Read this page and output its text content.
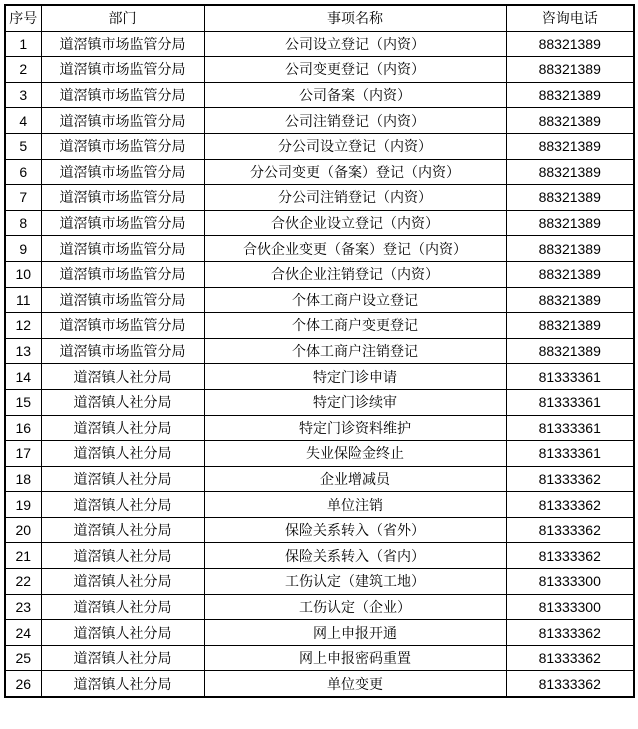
序号	部门	事项名称	咨询电话
1	道滘镇市场监管分局	公司设立登记（内资）	88321389
2	道滘镇市场监管分局	公司变更登记（内资）	88321389
3	道滘镇市场监管分局	公司备案（内资）	88321389
4	道滘镇市场监管分局	公司注销登记（内资）	88321389
5	道滘镇市场监管分局	分公司设立登记（内资）	88321389
6	道滘镇市场监管分局	分公司变更（备案）登记（内资）	88321389
7	道滘镇市场监管分局	分公司注销登记（内资）	88321389
8	道滘镇市场监管分局	合伙企业设立登记（内资）	88321389
9	道滘镇市场监管分局	合伙企业变更（备案）登记（内资）	88321389
10	道滘镇市场监管分局	合伙企业注销登记（内资）	88321389
11	道滘镇市场监管分局	个体工商户设立登记	88321389
12	道滘镇市场监管分局	个体工商户变更登记	88321389
13	道滘镇市场监管分局	个体工商户注销登记	88321389
14	道滘镇人社分局	特定门诊申请	81333361
15	道滘镇人社分局	特定门诊续审	81333361
16	道滘镇人社分局	特定门诊资料维护	81333361
17	道滘镇人社分局	失业保险金终止	81333361
18	道滘镇人社分局	企业增减员	81333362
19	道滘镇人社分局	单位注销	81333362
20	道滘镇人社分局	保险关系转入（省外）	81333362
21	道滘镇人社分局	保险关系转入（省内）	81333362
22	道滘镇人社分局	工伤认定（建筑工地）	81333300
23	道滘镇人社分局	工伤认定（企业）	81333300
24	道滘镇人社分局	网上申报开通	81333362
25	道滘镇人社分局	网上申报密码重置	81333362
26	道滘镇人社分局	单位变更	81333362
